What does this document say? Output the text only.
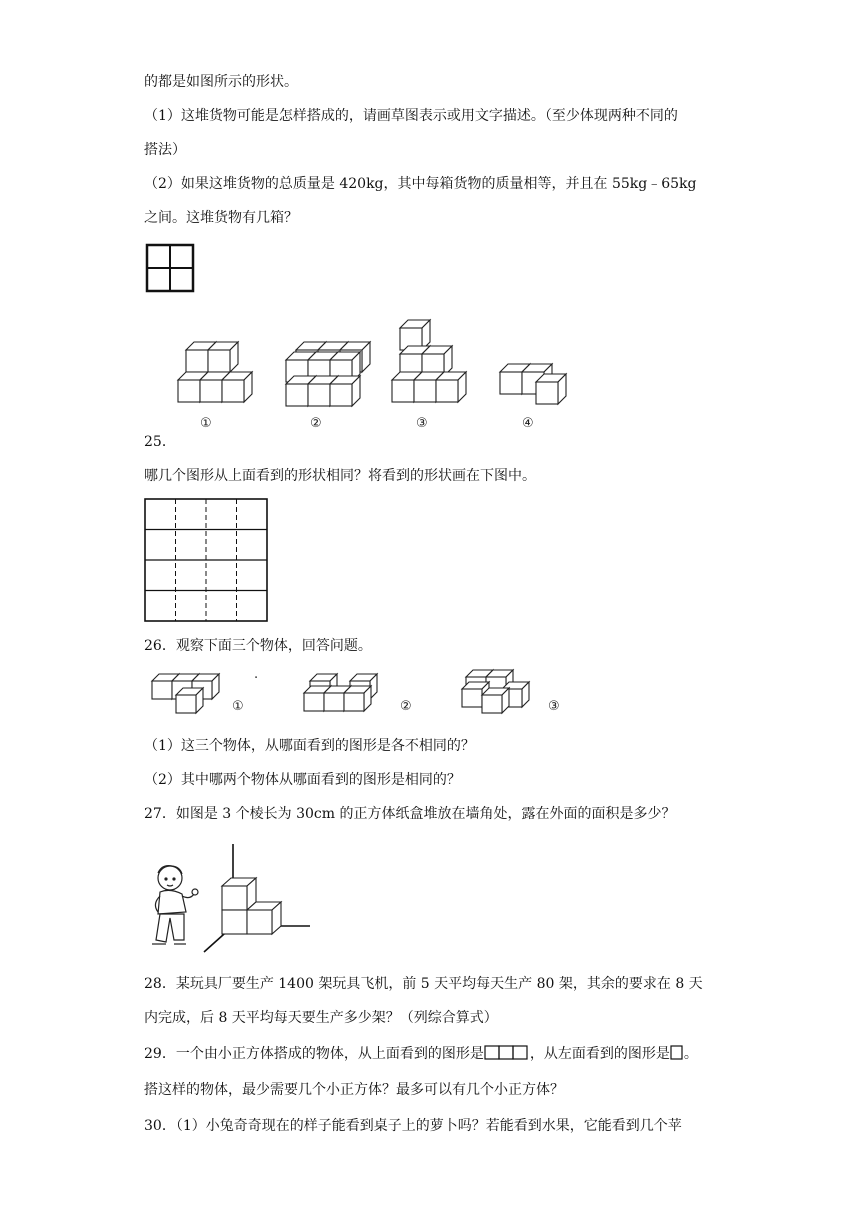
的都是如图所示的形状。
（1）这堆货物可能是怎样搭成的，请画草图表示或用文字描述。（至少体现两种不同的
搭法）
（2）如果这堆货物的总质量是 420kg，其中每箱货物的质量相等，并且在 55kg﹣65kg
之间。这堆货物有几箱？
①	②	③	④
25．
哪几个图形从上面看到的形状相同？将看到的形状画在下图中。
26．观察下面三个物体，回答问题。
①
·
②	③
（1）这三个物体，从哪面看到的图形是各不相同的？
（2）其中哪两个物体从哪面看到的图形是相同的？
27．如图是 3 个棱长为 30cm 的正方体纸盒堆放在墙角处，露在外面的面积是多少？
28．某玩具厂要生产 1400 架玩具飞机，前 5 天平均每天生产 80 架，其余的要求在 8 天
内完成，后 8 天平均每天要生产多少架？（列综合算式）
29．一个由小正方体搭成的物体，从上面看到的图形是	，从左面看到的图形是 。
搭这样的物体，最少需要几个小正方体？最多可以有几个小正方体？
30．（1）小兔奇奇现在的样子能看到桌子上的萝卜吗？若能看到水果，它能看到几个苹
